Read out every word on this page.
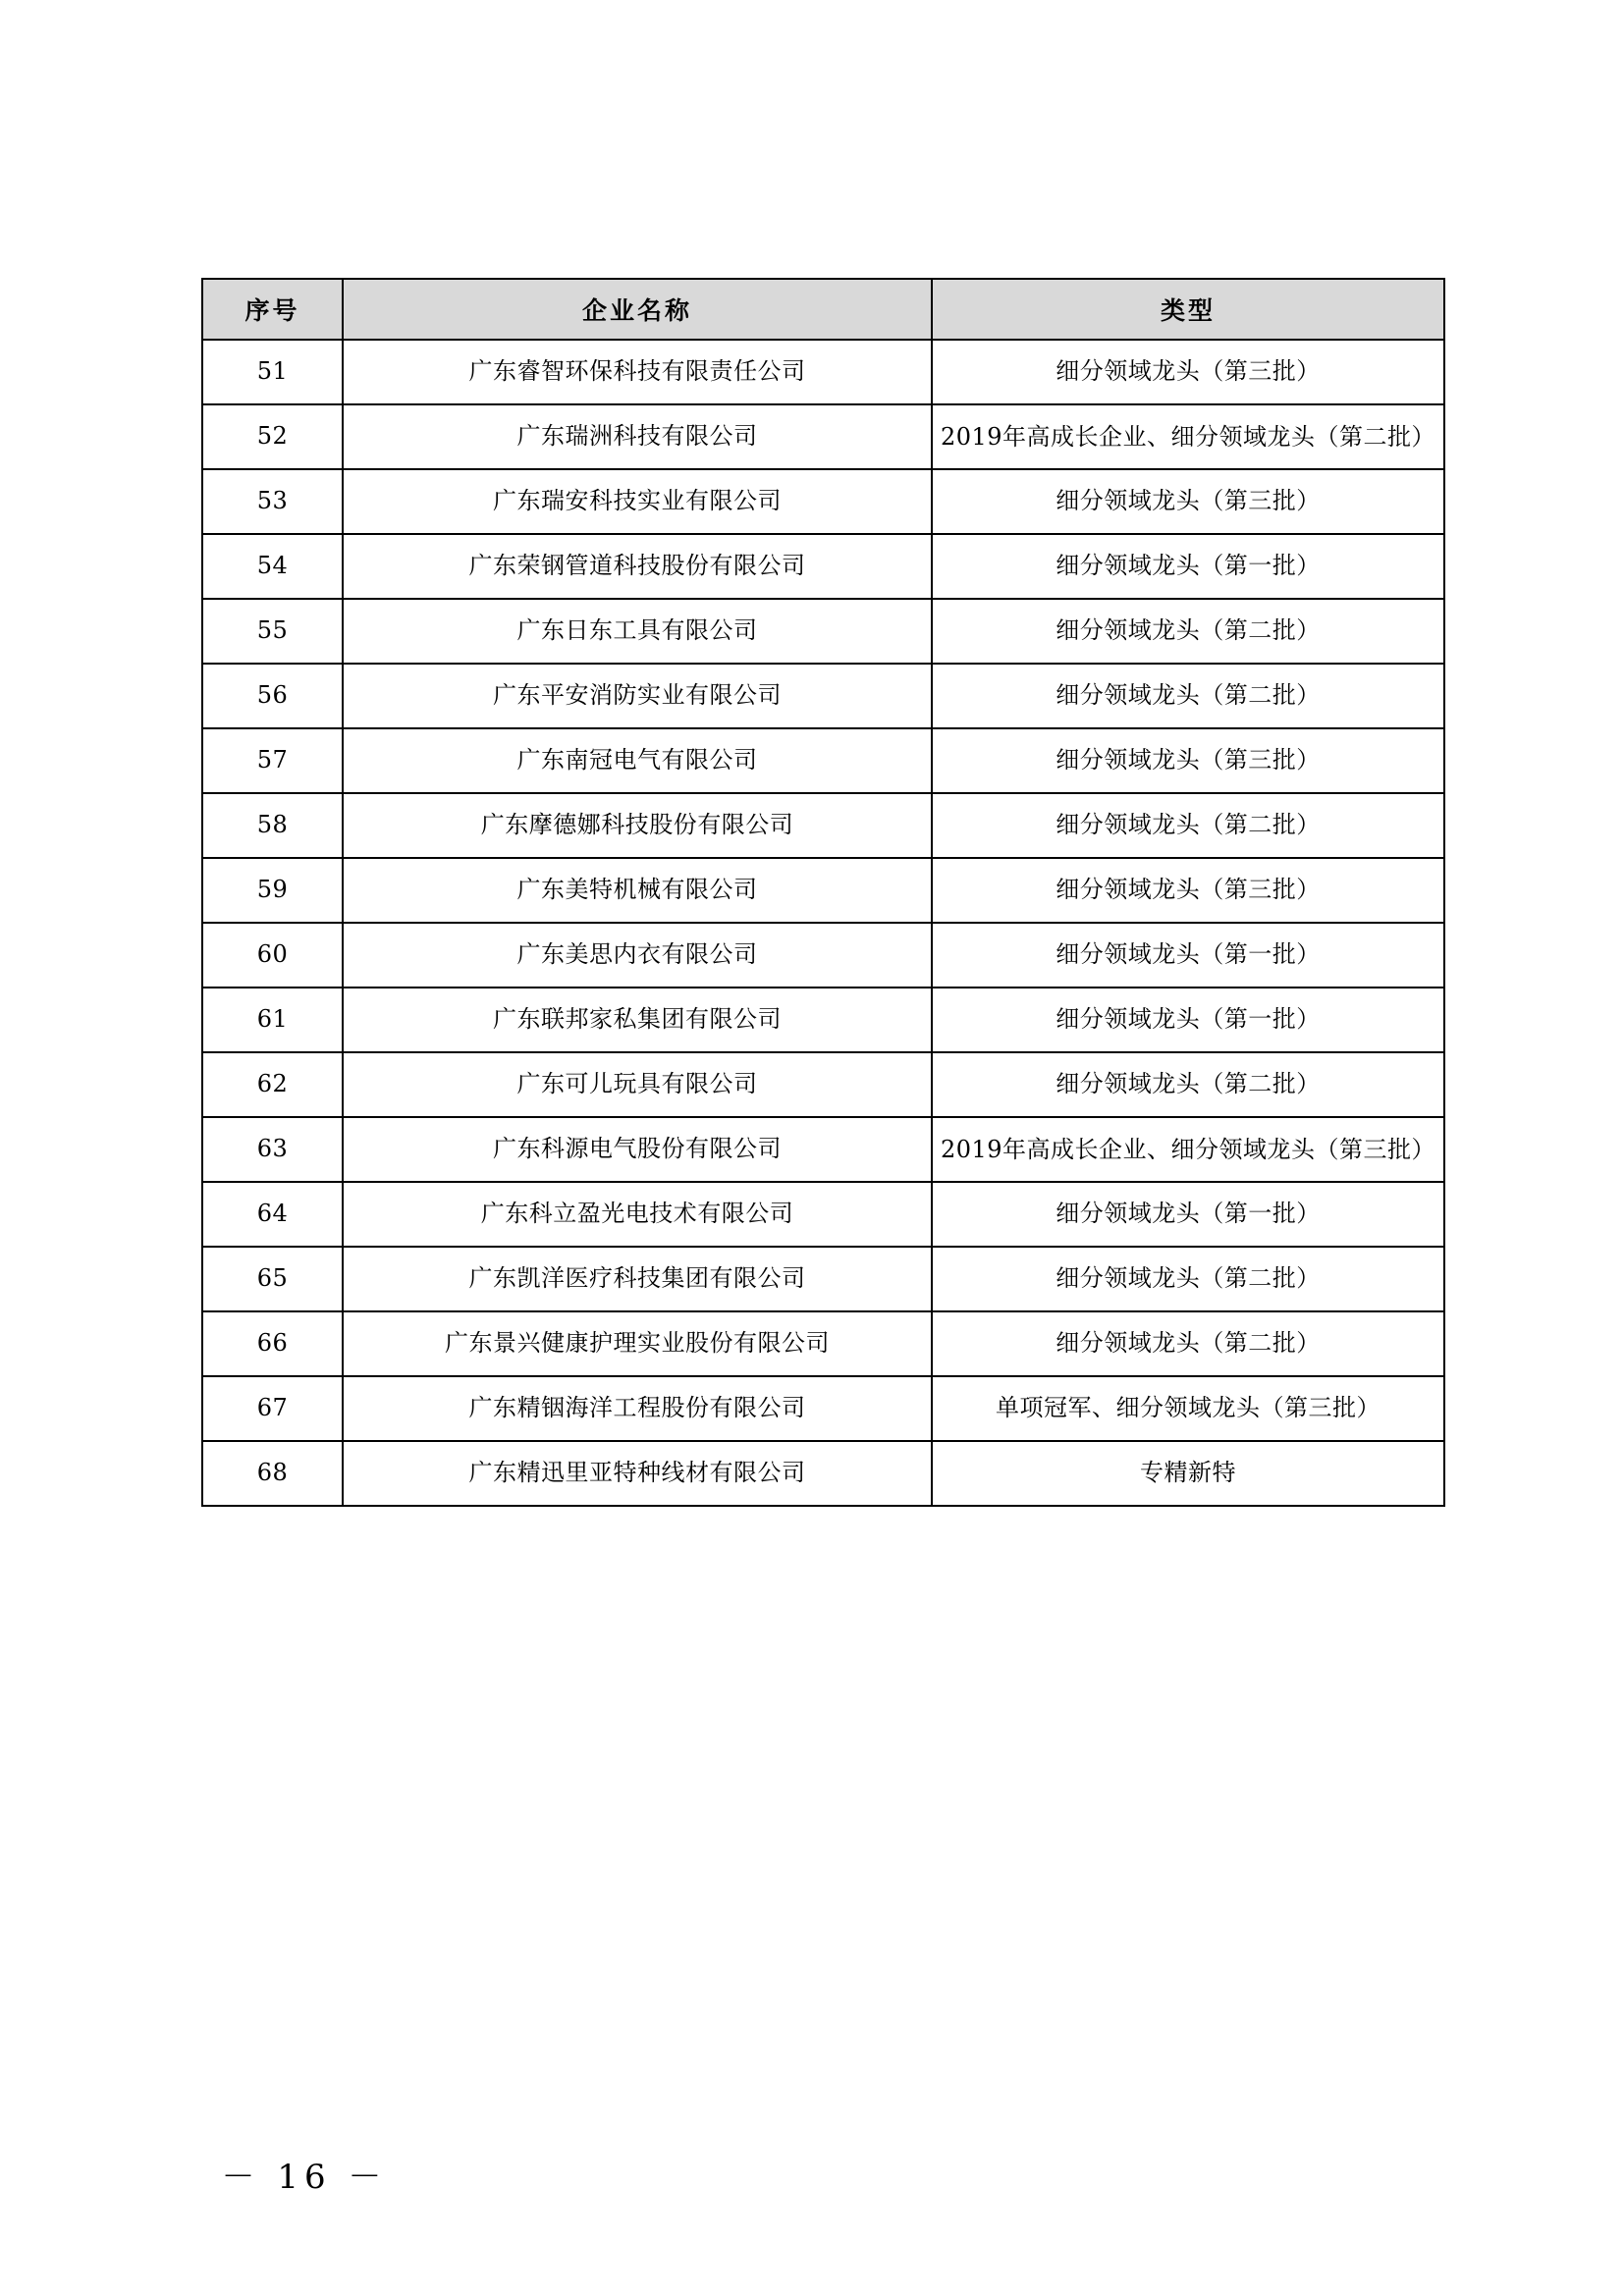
序号	企业名称	类型
51	广东睿智环保科技有限责任公司	细分领域龙头（第三批）
52	广东瑞洲科技有限公司	2019年高成长企业、细分领域龙头（第二批）
53	广东瑞安科技实业有限公司	细分领域龙头（第三批）
54	广东荣钢管道科技股份有限公司	细分领域龙头（第一批）
55	广东日东工具有限公司	细分领域龙头（第二批）
56	广东平安消防实业有限公司	细分领域龙头（第二批）
57	广东南冠电气有限公司	细分领域龙头（第三批）
58	广东摩德娜科技股份有限公司	细分领域龙头（第二批）
59	广东美特机械有限公司	细分领域龙头（第三批）
60	广东美思内衣有限公司	细分领域龙头（第一批）
61	广东联邦家私集团有限公司	细分领域龙头（第一批）
62	广东可儿玩具有限公司	细分领域龙头（第二批）
63	广东科源电气股份有限公司	2019年高成长企业、细分领域龙头（第三批）
64	广东科立盈光电技术有限公司	细分领域龙头（第一批）
65	广东凯洋医疗科技集团有限公司	细分领域龙头（第二批）
66	广东景兴健康护理实业股份有限公司	细分领域龙头（第二批）
67	广东精铟海洋工程股份有限公司	单项冠军、细分领域龙头（第三批）
68	广东精迅里亚特种线材有限公司	专精新特
－ 16 －
